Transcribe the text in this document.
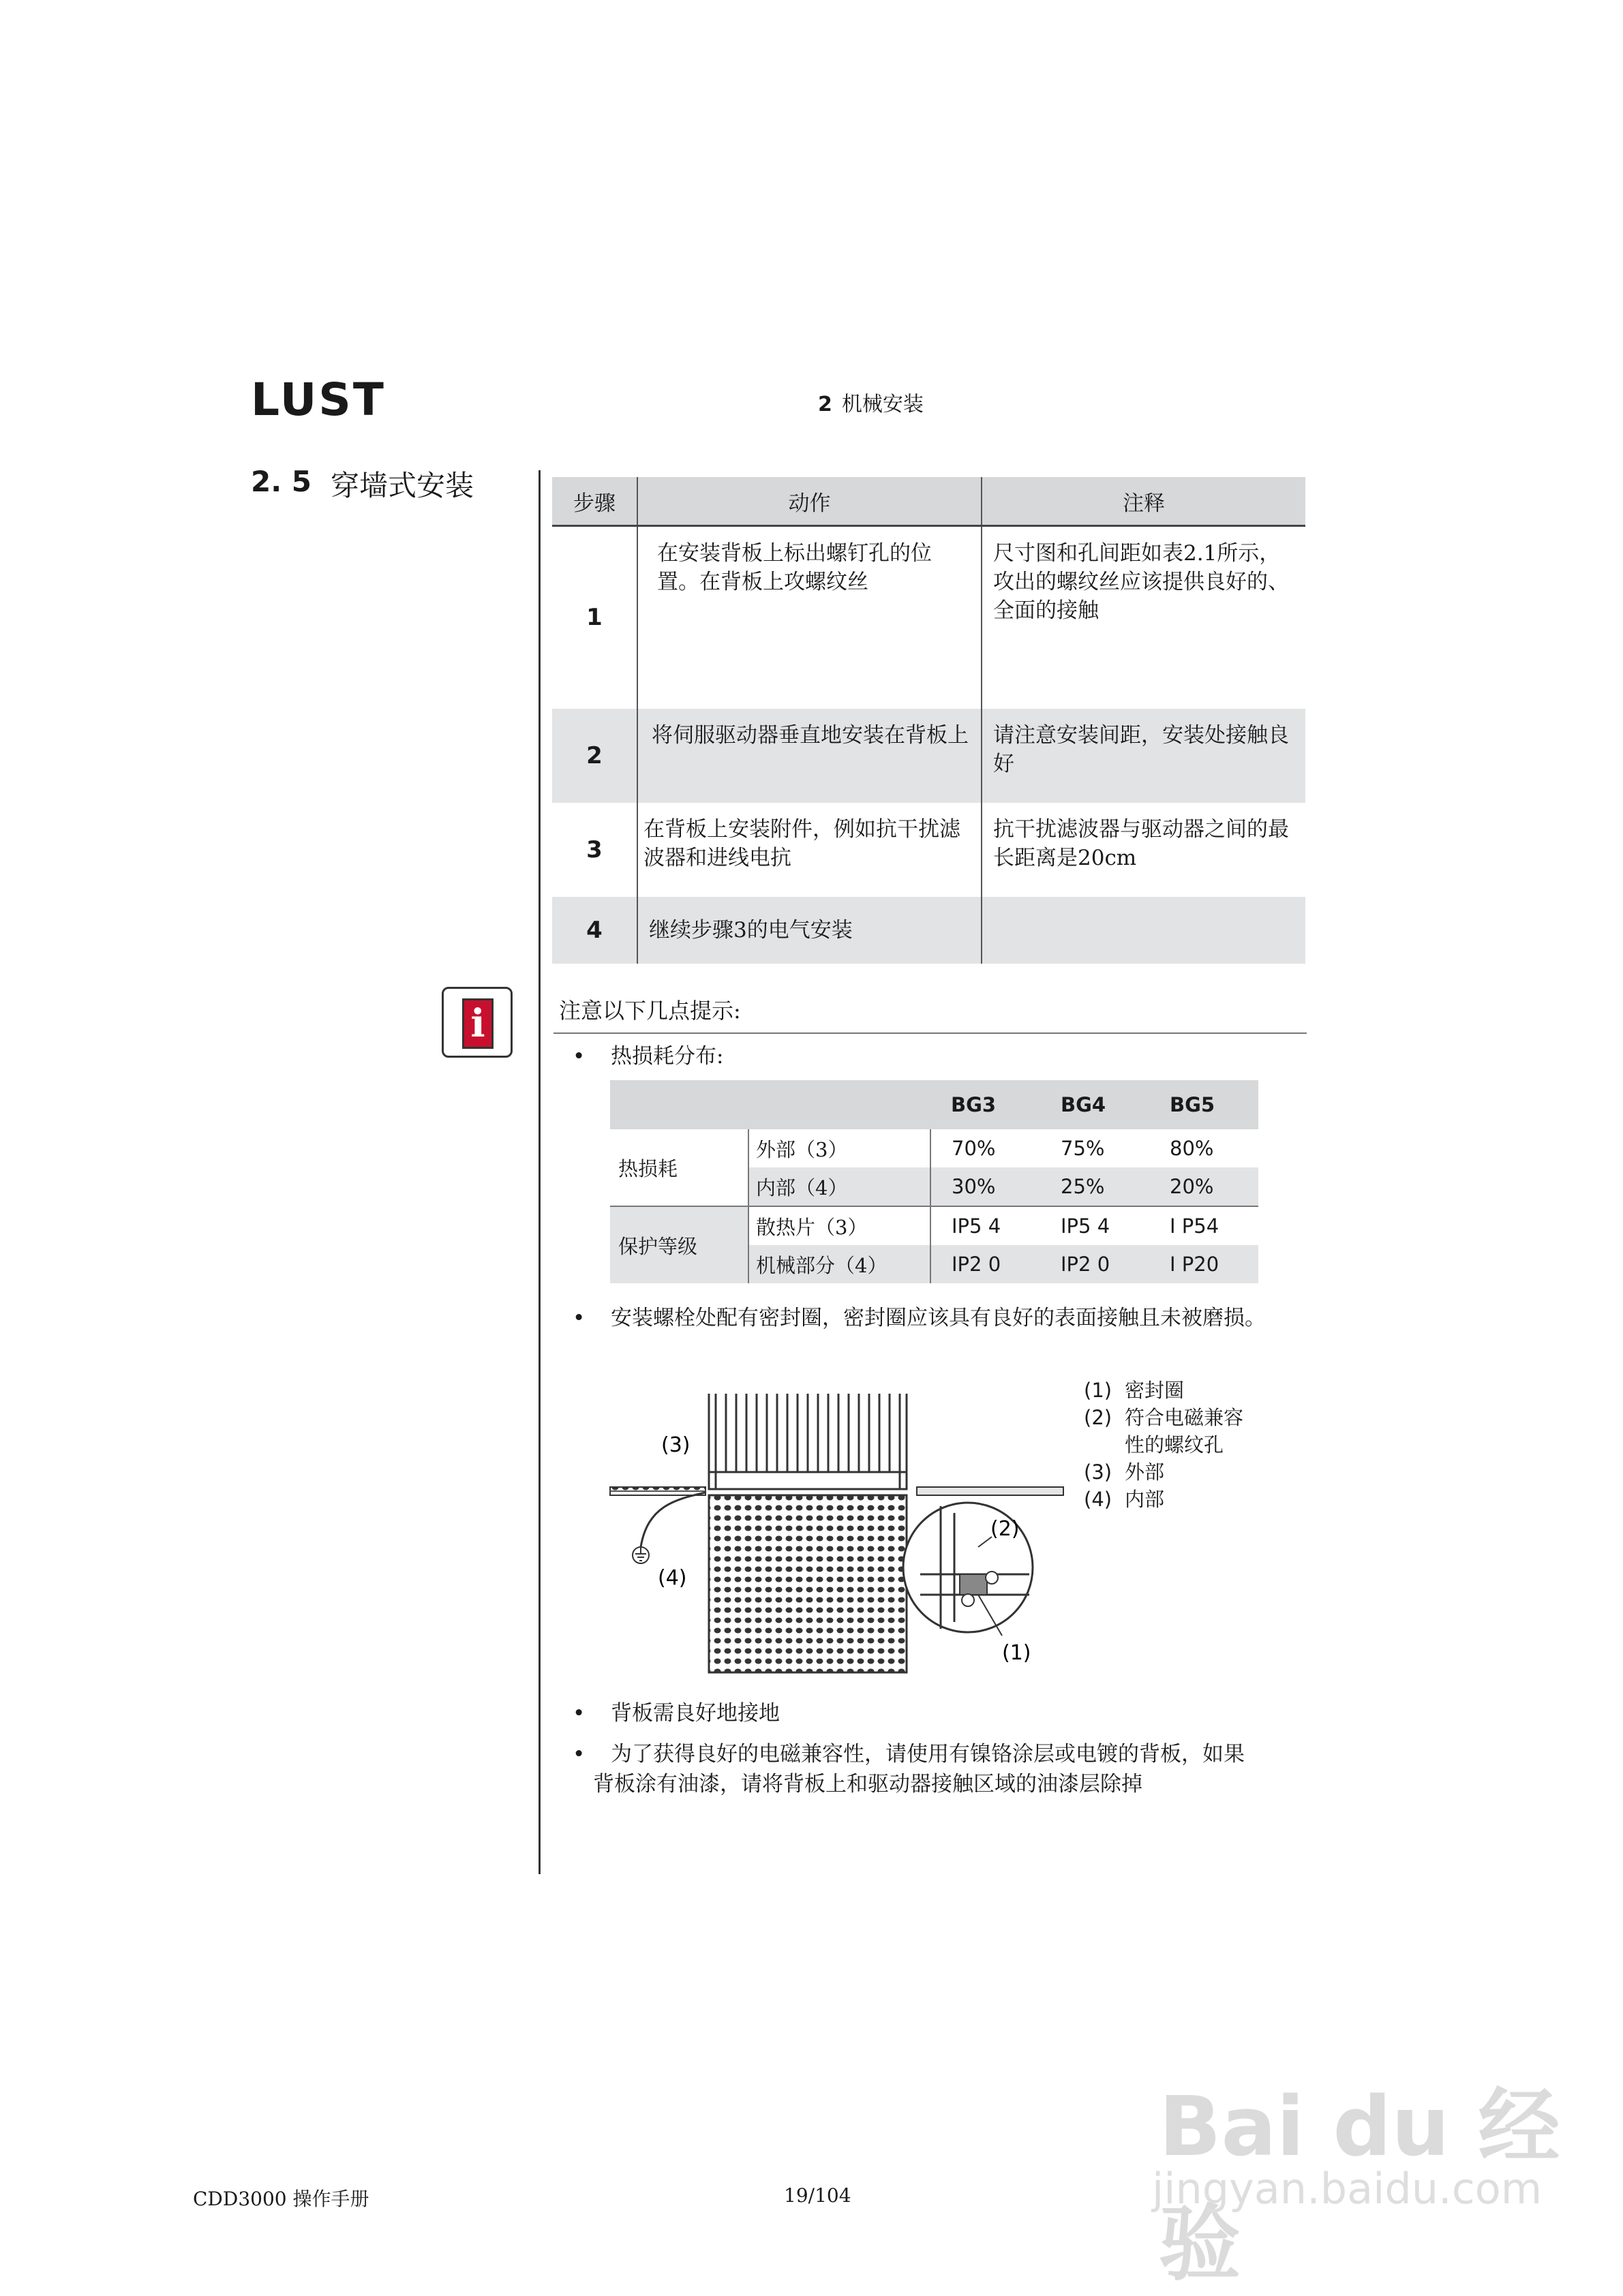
LUST	2 机械安装
2. 5 穿墙式安装
步骤	动作	注释
1	在安装背板上标出螺钉孔的位置。在背板上攻螺纹丝	尺寸图和孔间距如表2.1所示，攻出的螺纹丝应该提供良好的、全面的接触

2	将伺服驱动器垂直地安装在背板上	请注意安装间距，安装处接触良好

3	在背板上安装附件，例如抗干扰滤波器和进线电抗	抗干扰滤波器与驱动器之间的最长距离是20cm

4	继续步骤3的电气安装	

i	注意以下几点提示:
• 热损耗分布:
		BG3	BG4	BG5
热损耗	外部（3）	70%	75%	80%
	内部（4）	30%	25%	20%
保护等级	散热片（3）	IP5 4	IP5 4	I P54
	机械部分（4）	IP2 0	IP2 0	I P20
• 安装螺栓处配有密封圈，密封圈应该具有良好的表面接触且未被磨损。
(3)
(4)
(2)
(1)
(1) 密封圈
(2) 符合电磁兼容
性的螺纹孔
(3) 外部
(4) 内部
• 背板需良好地接地
• 为了获得良好的电磁兼容性，请使用有镍铬涂层或电镀的背板，如果
背板涂有油漆，请将背板上和驱动器接触区域的油漆层除掉
Bai du 经验
jingyan.baidu.com
CDD3000 操作手册	19/104
